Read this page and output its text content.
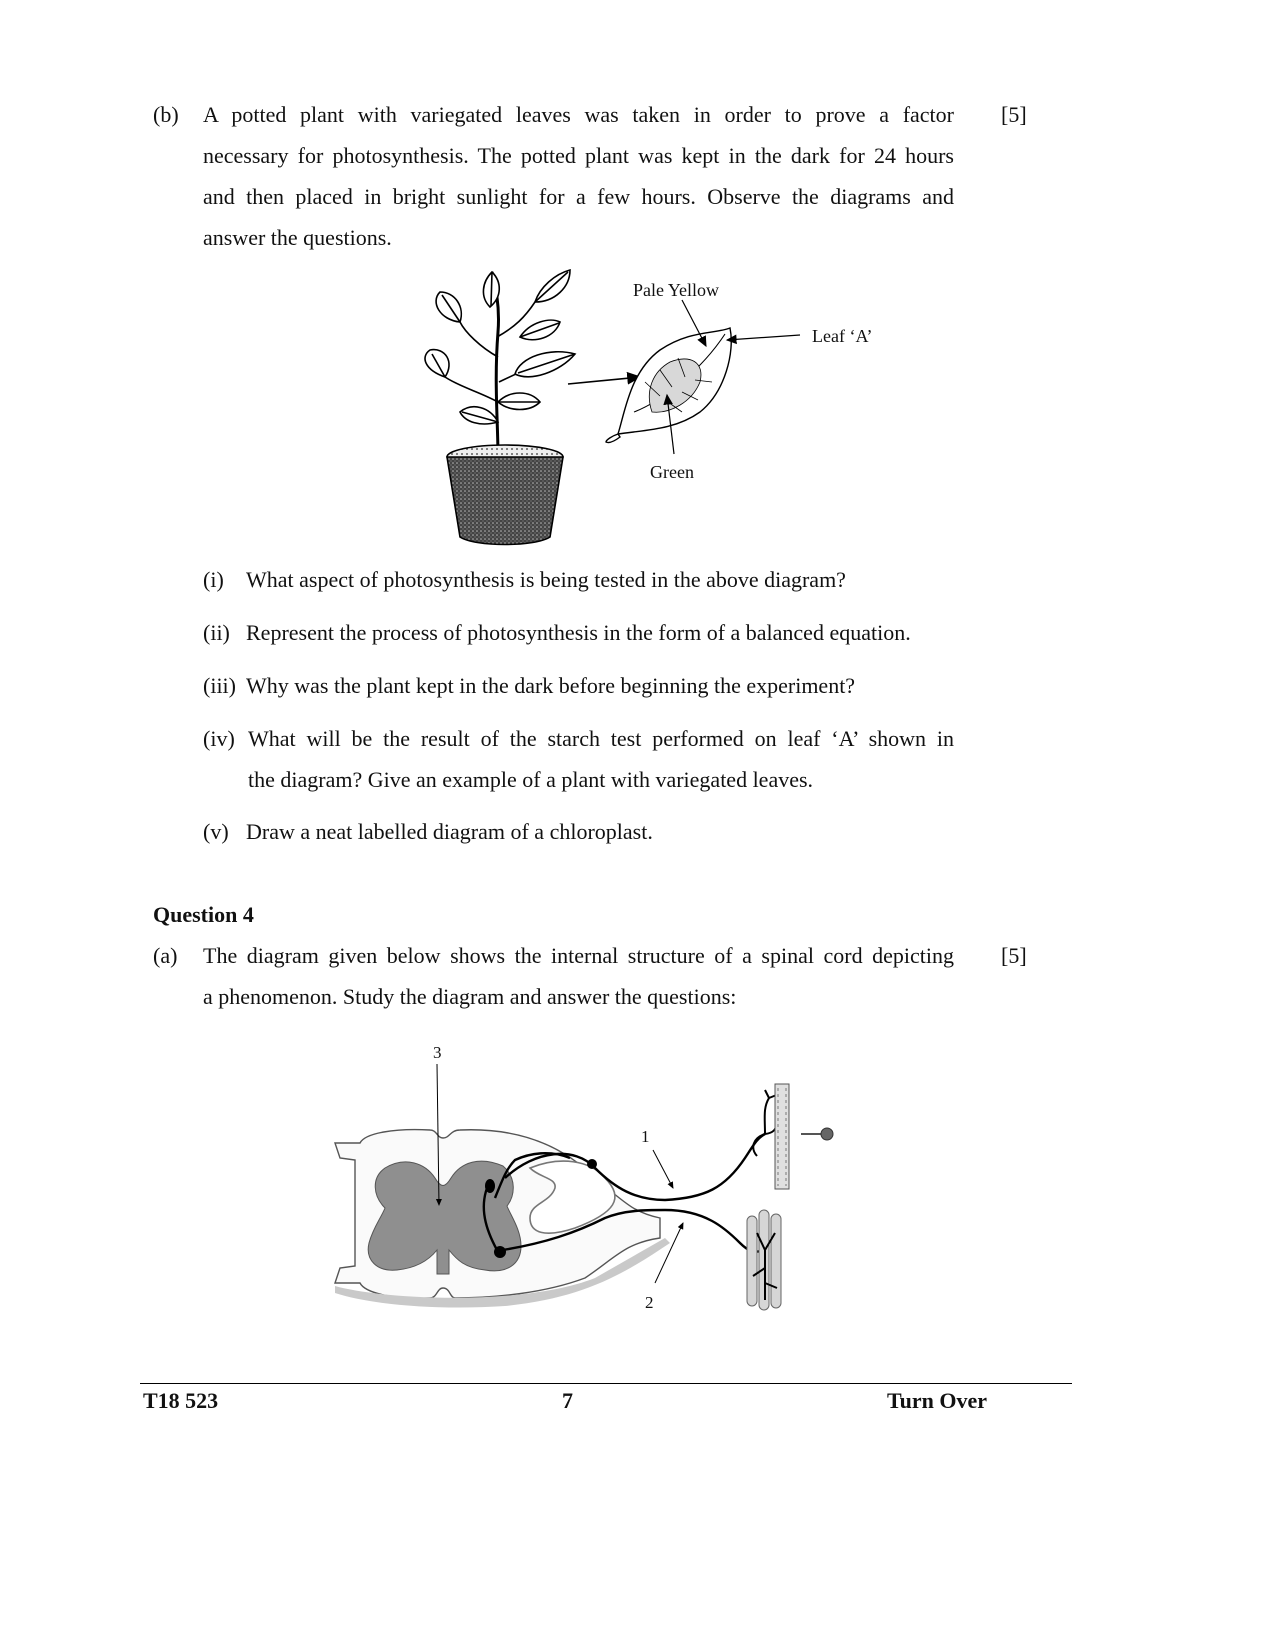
(b)	[5]
A potted plant with variegated leaves was taken in order to prove a factor
necessary for photosynthesis. The potted plant was kept in the dark for 24 hours
and then placed in bright sunlight for a few hours. Observe the diagrams and
answer the questions.
Pale Yellow
Leaf ‘A’
Green
(i) What aspect of photosynthesis is being tested in the above diagram?
(ii) Represent the process of photosynthesis in the form of a balanced equation.
(iii) Why was the plant kept in the dark before beginning the experiment?
(iv) What will be the result of the starch test performed on leaf ‘A’ shown in
the diagram? Give an example of a plant with variegated leaves.
(v) Draw a neat labelled diagram of a chloroplast.
Question 4
(a)	[5]
The diagram given below shows the internal structure of a spinal cord depicting
a phenomenon. Study the diagram and answer the questions:
3
1
2
T18 523	7	Turn Over
